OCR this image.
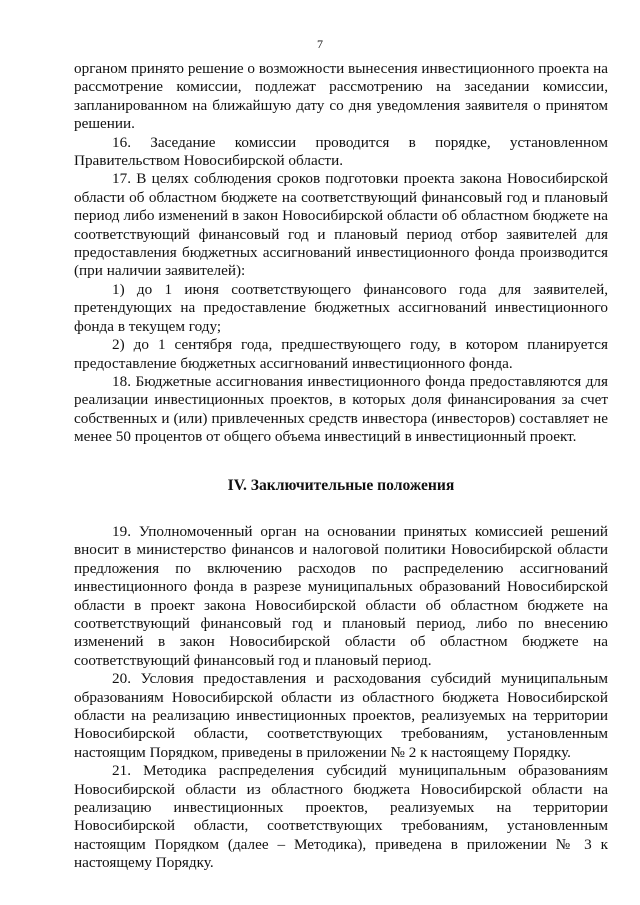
7

органом принято решение о возможности вынесения инвестиционного проекта на рассмотрение комиссии, подлежат рассмотрению на заседании комиссии, запланированном на ближайшую дату со дня уведомления заявителя о принятом решении.

16. Заседание комиссии проводится в порядке, установленном Правительством Новосибирской области.

17. В целях соблюдения сроков подготовки проекта закона Новосибирской области об областном бюджете на соответствующий финансовый год и плановый период либо изменений в закон Новосибирской области об областном бюджете на соответствующий финансовый год и плановый период отбор заявителей для предоставления бюджетных ассигнований инвестиционного фонда производится (при наличии заявителей):

1) до 1 июня соответствующего финансового года для заявителей, претендующих на предоставление бюджетных ассигнований инвестиционного фонда в текущем году;

2) до 1 сентября года, предшествующего году, в котором планируется предоставление бюджетных ассигнований инвестиционного фонда.

18. Бюджетные ассигнования инвестиционного фонда предоставляются для реализации инвестиционных проектов, в которых доля финансирования за счет собственных и (или) привлеченных средств инвестора (инвесторов) составляет не менее 50 процентов от общего объема инвестиций в инвестиционный проект.

IV. Заключительные положения

19. Уполномоченный орган на основании принятых комиссией решений вносит в министерство финансов и налоговой политики Новосибирской области предложения по включению расходов по распределению ассигнований инвестиционного фонда в разрезе муниципальных образований Новосибирской области в проект закона Новосибирской области об областном бюджете на соответствующий финансовый год и плановый период, либо по внесению изменений в закон Новосибирской области об областном бюджете на соответствующий финансовый год и плановый период.

20. Условия предоставления и расходования субсидий муниципальным образованиям Новосибирской области из областного бюджета Новосибирской области на реализацию инвестиционных проектов, реализуемых на территории Новосибирской области, соответствующих требованиям, установленным настоящим Порядком, приведены в приложении № 2 к настоящему Порядку.

21. Методика распределения субсидий муниципальным образованиям Новосибирской области из областного бюджета Новосибирской области на реализацию инвестиционных проектов, реализуемых на территории Новосибирской области, соответствующих требованиям, установленным настоящим Порядком (далее – Методика), приведена в приложении № 3 к настоящему Порядку.
